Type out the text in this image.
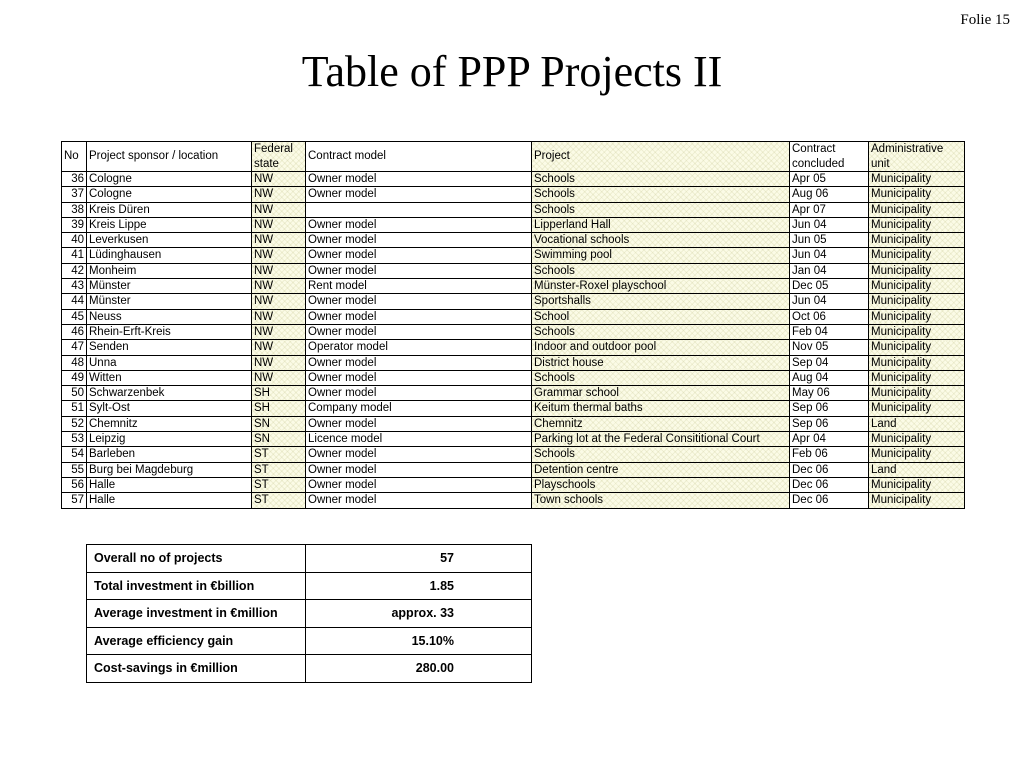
Folie 15
Table of PPP Projects II
No	Project sponsor / location	Federal state	Contract model	Project	Contract concluded	Administrative unit
36	Cologne	NW	Owner model	Schools	Apr 05	Municipality
37	Cologne	NW	Owner model	Schools	Aug 06	Municipality
38	Kreis Düren	NW		Schools	Apr 07	Municipality
39	Kreis Lippe	NW	Owner model	Lipperland Hall	Jun 04	Municipality
40	Leverkusen	NW	Owner model	Vocational schools	Jun 05	Municipality
41	Lüdinghausen	NW	Owner model	Swimming pool	Jun 04	Municipality
42	Monheim	NW	Owner model	Schools	Jan 04	Municipality
43	Münster	NW	Rent model	Münster-Roxel playschool	Dec 05	Municipality
44	Münster	NW	Owner model	Sportshalls	Jun 04	Municipality
45	Neuss	NW	Owner model	School	Oct 06	Municipality
46	Rhein-Erft-Kreis	NW	Owner model	Schools	Feb 04	Municipality
47	Senden	NW	Operator model	Indoor and outdoor pool	Nov 05	Municipality
48	Unna	NW	Owner model	District house	Sep 04	Municipality
49	Witten	NW	Owner model	Schools	Aug 04	Municipality
50	Schwarzenbek	SH	Owner model	Grammar school	May 06	Municipality
51	Sylt-Ost	SH	Company model	Keitum thermal baths	Sep 06	Municipality
52	Chemnitz	SN	Owner model	Chemnitz	Sep 06	Land
53	Leipzig	SN	Licence model	Parking lot at the Federal Consititional Court	Apr 04	Municipality
54	Barleben	ST	Owner model	Schools	Feb 06	Municipality
55	Burg bei Magdeburg	ST	Owner model	Detention centre	Dec 06	Land
56	Halle	ST	Owner model	Playschools	Dec 06	Municipality
57	Halle	ST	Owner model	Town schools	Dec 06	Municipality
Overall no of projects	57
Total investment in €billion	1.85
Average investment in €million	approx. 33
Average efficiency gain	15.10%
Cost-savings in €million	280.00
